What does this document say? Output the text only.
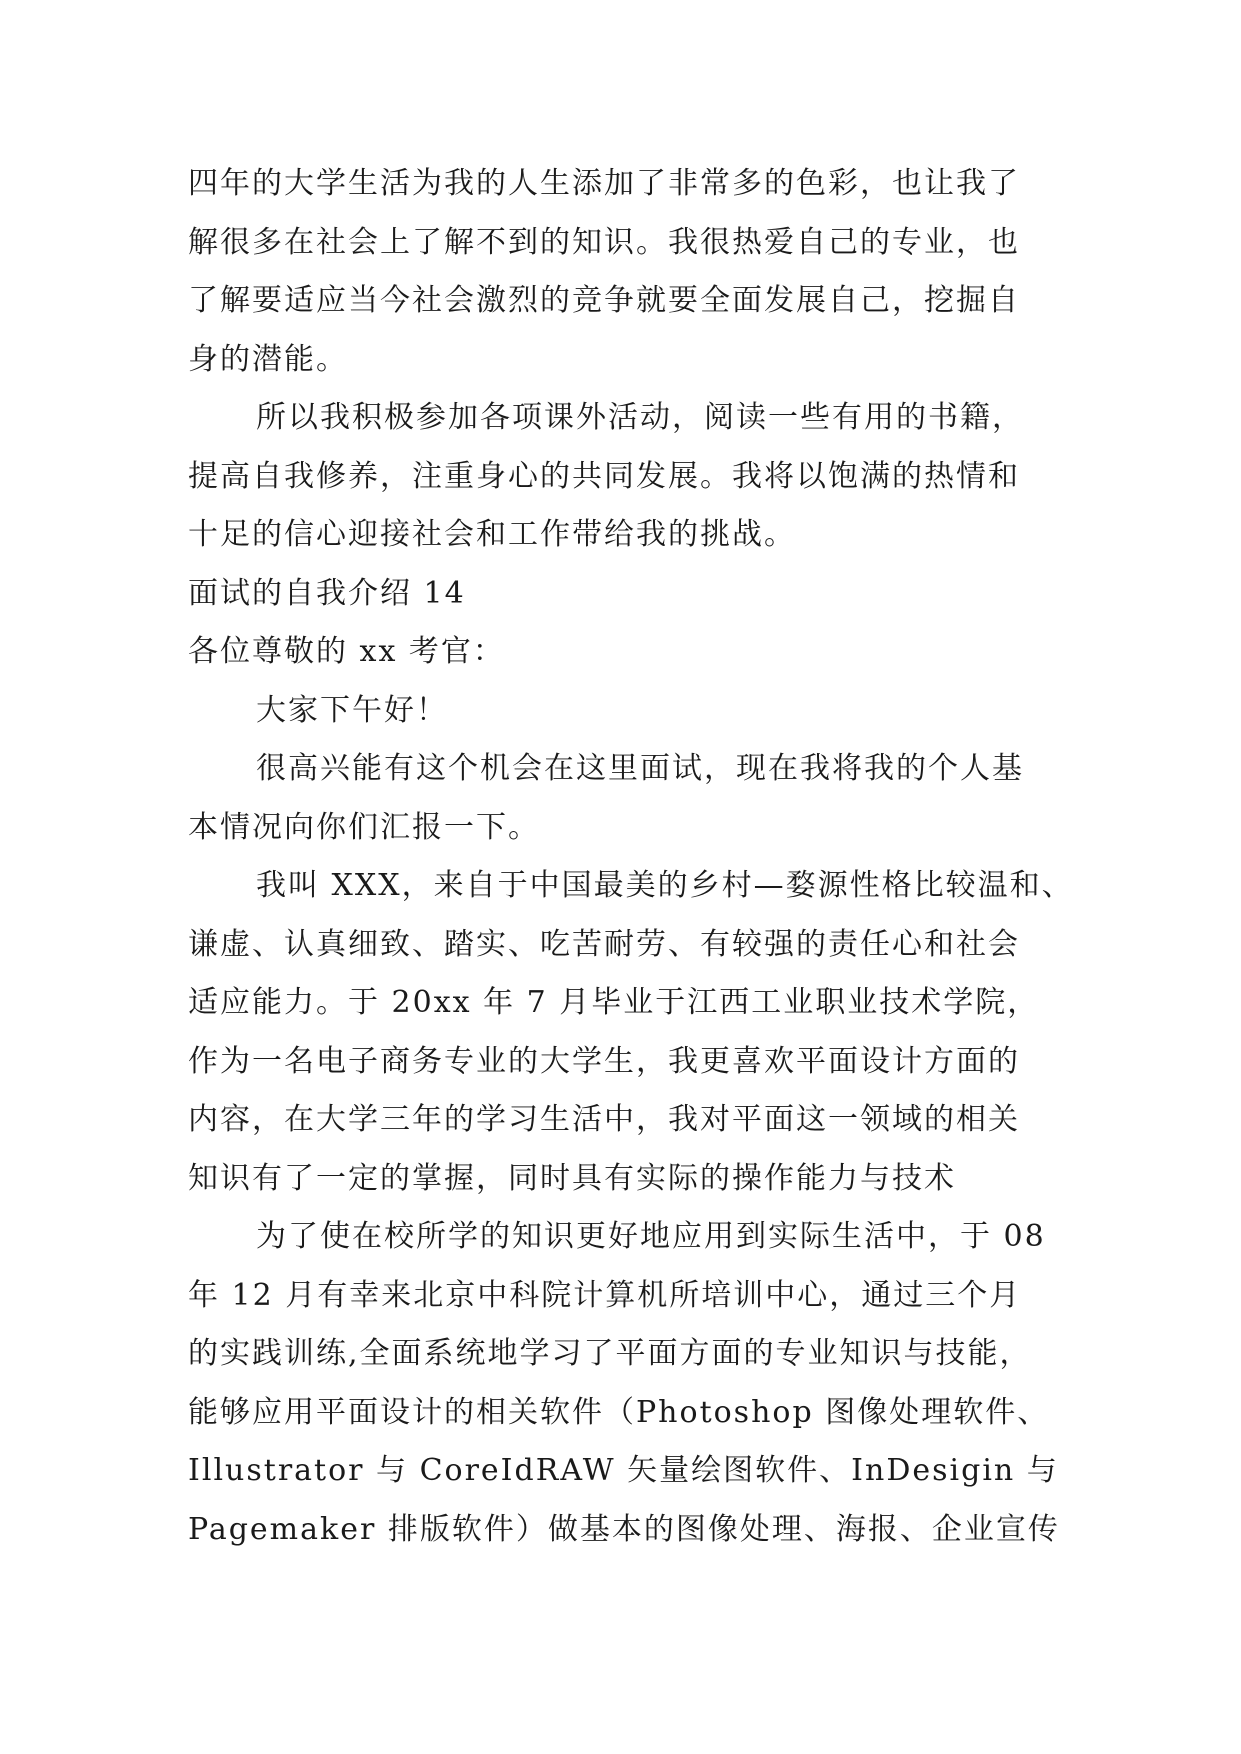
四年的大学生活为我的人生添加了非常多的色彩，也让我了
解很多在社会上了解不到的知识。我很热爱自己的专业，也
了解要适应当今社会激烈的竞争就要全面发展自己，挖掘自
身的潜能。
所以我积极参加各项课外活动，阅读一些有用的书籍，
提高自我修养，注重身心的共同发展。我将以饱满的热情和
十足的信心迎接社会和工作带给我的挑战。
面试的自我介绍 14
各位尊敬的 xx 考官：
大家下午好！
很高兴能有这个机会在这里面试，现在我将我的个人基
本情况向你们汇报一下。
我叫 XXX，来自于中国最美的乡村—婺源性格比较温和、
谦虚、认真细致、踏实、吃苦耐劳、有较强的责任心和社会
适应能力。于 20xx 年 7 月毕业于江西工业职业技术学院，
作为一名电子商务专业的大学生，我更喜欢平面设计方面的
内容，在大学三年的学习生活中，我对平面这一领域的相关
知识有了一定的掌握，同时具有实际的操作能力与技术
为了使在校所学的知识更好地应用到实际生活中，于 08
年 12 月有幸来北京中科院计算机所培训中心，通过三个月
的实践训练,全面系统地学习了平面方面的专业知识与技能，
能够应用平面设计的相关软件（Photoshop 图像处理软件、
Illustrator 与 CoreIdRAW 矢量绘图软件、InDesigin 与
Pagemaker 排版软件）做基本的图像处理、海报、企业宣传
